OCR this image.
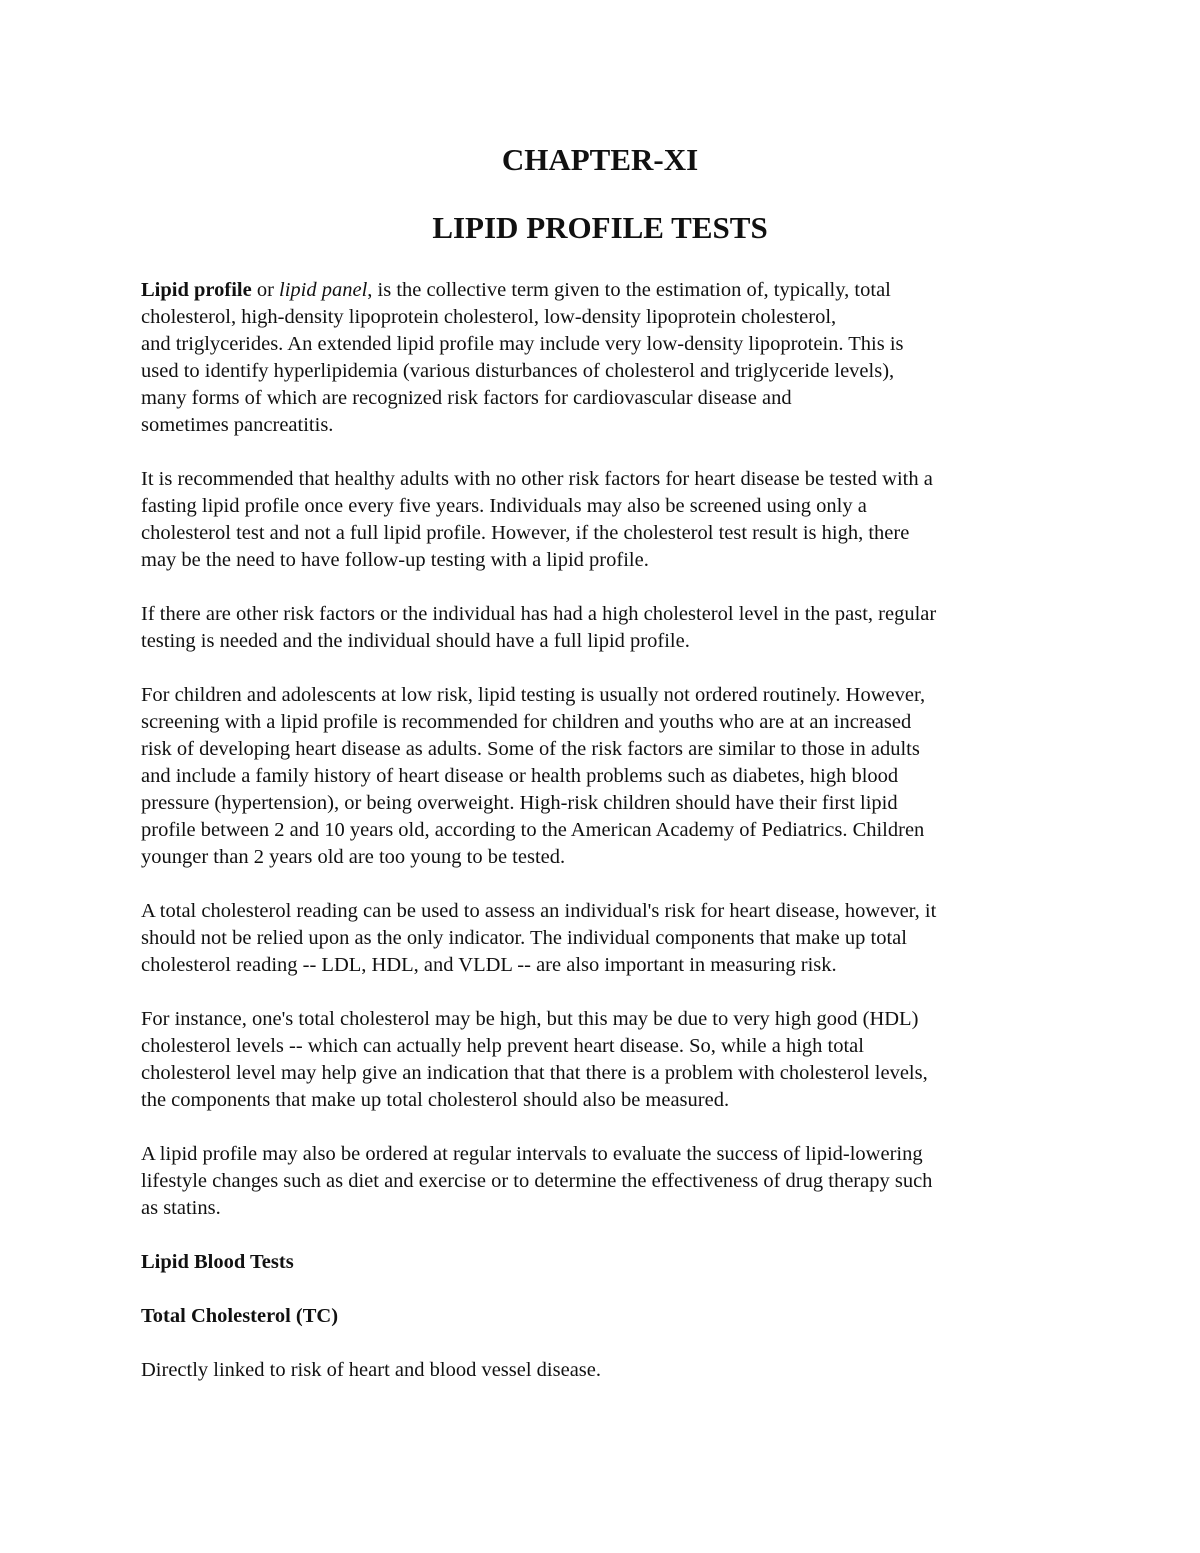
CHAPTER-XI
LIPID PROFILE TESTS
Lipid profile or lipid panel, is the collective term given to the estimation of, typically, total
cholesterol, high-density lipoprotein cholesterol, low-density lipoprotein cholesterol,
and triglycerides. An extended lipid profile may include very low-density lipoprotein. This is
used to identify hyperlipidemia (various disturbances of cholesterol and triglyceride levels),
many forms of which are recognized risk factors for cardiovascular disease and
sometimes pancreatitis.
It is recommended that healthy adults with no other risk factors for heart disease be tested with a
fasting lipid profile once every five years. Individuals may also be screened using only a
cholesterol test and not a full lipid profile. However, if the cholesterol test result is high, there
may be the need to have follow-up testing with a lipid profile.
If there are other risk factors or the individual has had a high cholesterol level in the past, regular
testing is needed and the individual should have a full lipid profile.
For children and adolescents at low risk, lipid testing is usually not ordered routinely. However,
screening with a lipid profile is recommended for children and youths who are at an increased
risk of developing heart disease as adults. Some of the risk factors are similar to those in adults
and include a family history of heart disease or health problems such as diabetes, high blood
pressure (hypertension), or being overweight. High-risk children should have their first lipid
profile between 2 and 10 years old, according to the American Academy of Pediatrics. Children
younger than 2 years old are too young to be tested.
A total cholesterol reading can be used to assess an individual's risk for heart disease, however, it
should not be relied upon as the only indicator. The individual components that make up total
cholesterol reading -- LDL, HDL, and VLDL -- are also important in measuring risk.
For instance, one's total cholesterol may be high, but this may be due to very high good (HDL)
cholesterol levels -- which can actually help prevent heart disease. So, while a high total
cholesterol level may help give an indication that that there is a problem with cholesterol levels,
the components that make up total cholesterol should also be measured.
A lipid profile may also be ordered at regular intervals to evaluate the success of lipid-lowering
lifestyle changes such as diet and exercise or to determine the effectiveness of drug therapy such
as statins.
Lipid Blood Tests
Total Cholesterol (TC)
Directly linked to risk of heart and blood vessel disease.
